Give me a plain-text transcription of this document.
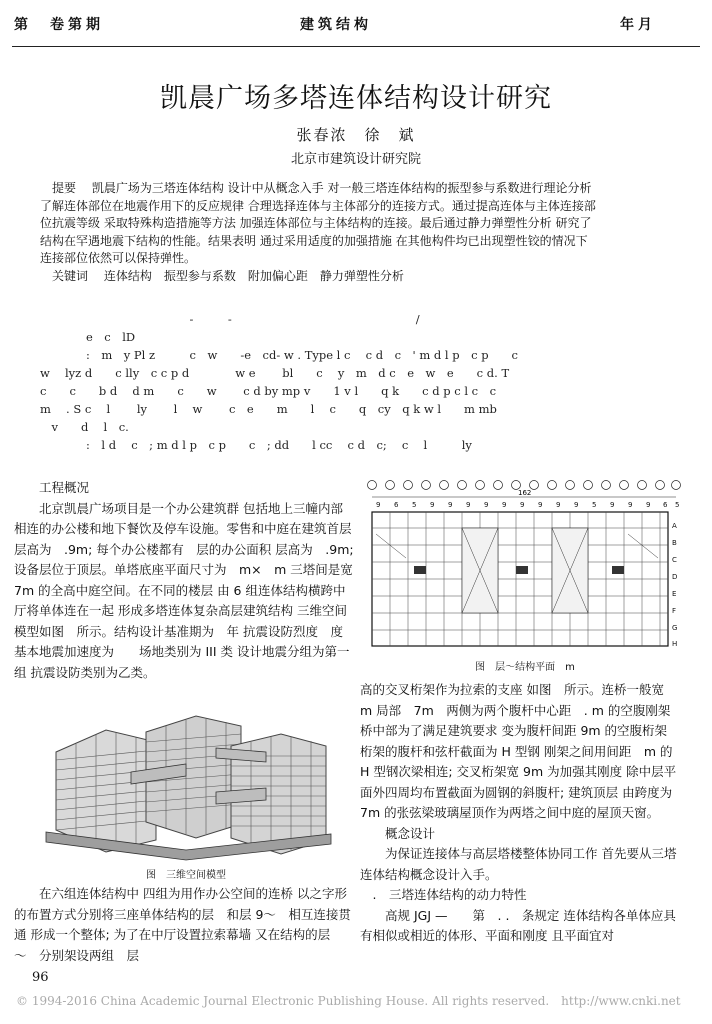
第　卷第期	建筑结构	年月
凯晨广场多塔连体结构设计研究
张春浓　徐　斌
北京市建筑设计研究院

　提要　 凯晨广场为三塔连体结构 设计中从概念入手 对一般三塔连体结构的振型参与系数进行理论分析

了解连体部位在地震作用下的反应规律 合理选择连体与主体部分的连接方式。通过提高连体与主体连接部

位抗震等级 采取特殊构造措施等方法 加强连体部位与主体结构的连接。最后通过静力弹塑性分析 研究了

结构在罕遇地震下结构的性能。结果表明 通过采用适度的加强措施 在其他构件均已出现塑性铰的情况下

连接部位依然可以保持弹性。

　关键词　 连体结构　振型参与系数　附加偏心距　静力弹塑性分析

　　　　　　　　　　　　　-　　　-　　　　　　　　　　　　　　　　/

　　　　e　c　lD

　　　　:　m　y Pl z　　　c　w　　-e　cd- w . Type l c　 c d　c　' m d l p　c p　　c

w　 lyz d　　c lly　c c p d　　　　w e　　 bl　　c　 y　m　d c　e　w　e　　c d. T

c　　c　　b d　 d m　　c　　w　　 c d by mp v　　1 v l　　q k　　c d p c l c　c

m　 . S c　 l　　 ly　　 l　 w　　 c　e　　m　　l　 c　　q　cy　q k w l　　m mb

　v　　d　 l　c.

　　　　:　l d　 c　; m d l p　c p　　c　; dd　　l cc　 c d　c;　 c　 l　　　ly

　　工程概况

　　北京凯晨广场项目是一个办公建筑群 包括地上三幢内部相连的办公楼和地下餐饮及停车设施。零售和中庭在建筑首层 层高为　.9m; 每个办公楼都有　层的办公面积 层高为　.9m; 设备层位于顶层。单塔底座平面尺寸为　m×　m 三塔间是宽　7m 的全高中庭空间。在不同的楼层 由 6 组连体结构横跨中厅将单体连在一起 形成多塔连体复杂高层建筑结构 三维空间模型如图　所示。结构设计基准期为　年 抗震设防烈度　度 基本地震加速度为　　场地类别为 III 类 设计地震分组为第一组 抗震设防类别为乙类。

图　三维空间模型

　　在六组连体结构中 四组为用作办公空间的连桥 以之字形的布置方式分别将三座单体结构的层　和层 9～　相互连接贯通 形成一个整体; 为了在中厅设置拉索幕墙 又在结构的层　～　分别架设两组　层

162
9 6 5 9 9 9 9 9 9 9 9 9 5 9 9 9 6 5
A
B
C
D
E
F
G
H
图　层～结构平面　m

高的交叉桁架作为拉索的支座 如图　所示。连桥一般宽　m 局部　7m　两侧为两个腹杆中心距　. m 的空腹刚架 桥中部为了满足建筑要求 变为腹杆间距 9m 的空腹桁架 桁架的腹杆和弦杆截面为 H 型钢 刚架之间用间距　m 的 H 型钢次梁相连; 交叉桁架宽 9m 为加强其刚度 除中层平面外四周均布置截面为圆钢的斜腹杆; 建筑顶层 由跨度为　7m 的张弦梁玻璃屋顶作为两塔之间中庭的屋顶天窗。

　　概念设计

　　为保证连接体与高层塔楼整体协同工作 首先要从三塔连体结构概念设计入手。

　.　三塔连体结构的动力特性

　　高规 JGJ —　　第　. .　条规定 连体结构各单体应具有相似或相近的体形、平面和刚度 且平面宜对

96
© 1994-2016 China Academic Journal Electronic Publishing House. All rights reserved.　http://www.cnki.net
